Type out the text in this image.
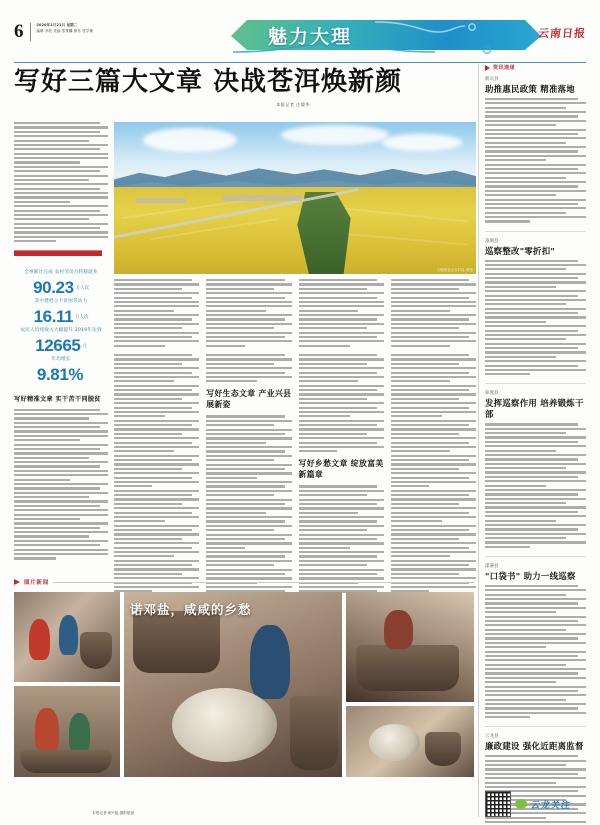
6	2020年1月21日 星期二
编辑 李波 美编 张维麟 制作 张学敏	魅力大理	云南日报
写好三篇大文章 决战苍洱焕新颜
本报记者 庄俊华
全州累计完成 农村劳动力转移就业
90.23 万人次
其中建档立卡贫困劳动力
16.11 万人次
农民人均纯收入大幅提升 2019年达到
12665 元
年均增长
9.81%
写好精准文章 实干苦干同脱贫
大理州农业农村局 供图
写好生态文章 产业兴县展新姿
写好乡愁文章 绽放富美新篇章
资讯速递
鹤庆县
助推惠民政策 精准落地
南涧县
巡察整改"零折扣"
弥渡县
发挥巡察作用 培养锻炼干部
漾濞县
"口袋书" 助力一线巡察
云龙县
廉政建设 强化近距离监督
图片新闻
诺邓盐，咸咸的乡愁
本报记者 黄兴能 摄影报道
云龙关注
